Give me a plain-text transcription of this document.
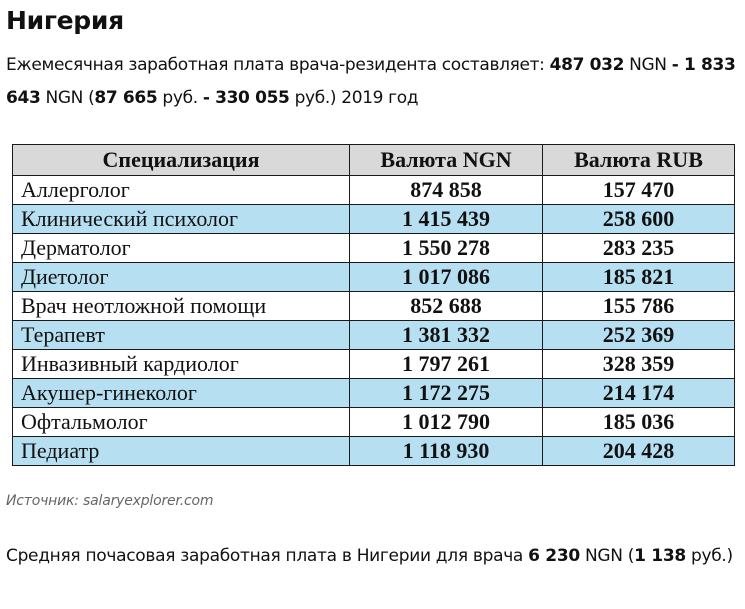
Нигерия

Ежемесячная заработная плата врача-резидента составляет: 487 032 NGN - 1 833 643 NGN (87 665 руб. - 330 055 руб.) 2019 год

Специализация	Валюта NGN	Валюта RUB
Аллерголог	874 858	157 470
Клинический психолог	1 415 439	258 600
Дерматолог	1 550 278	283 235
Диетолог	1 017 086	185 821
Врач неотложной помощи	852 688	155 786
Терапевт	1 381 332	252 369
Инвазивный кардиолог	1 797 261	328 359
Акушер-гинеколог	1 172 275	214 174
Офтальмолог	1 012 790	185 036
Педиатр	1 118 930	204 428

Источник: salaryexplorer.com

Средняя почасовая заработная плата в Нигерии для врача 6 230 NGN (1 138 руб.)
